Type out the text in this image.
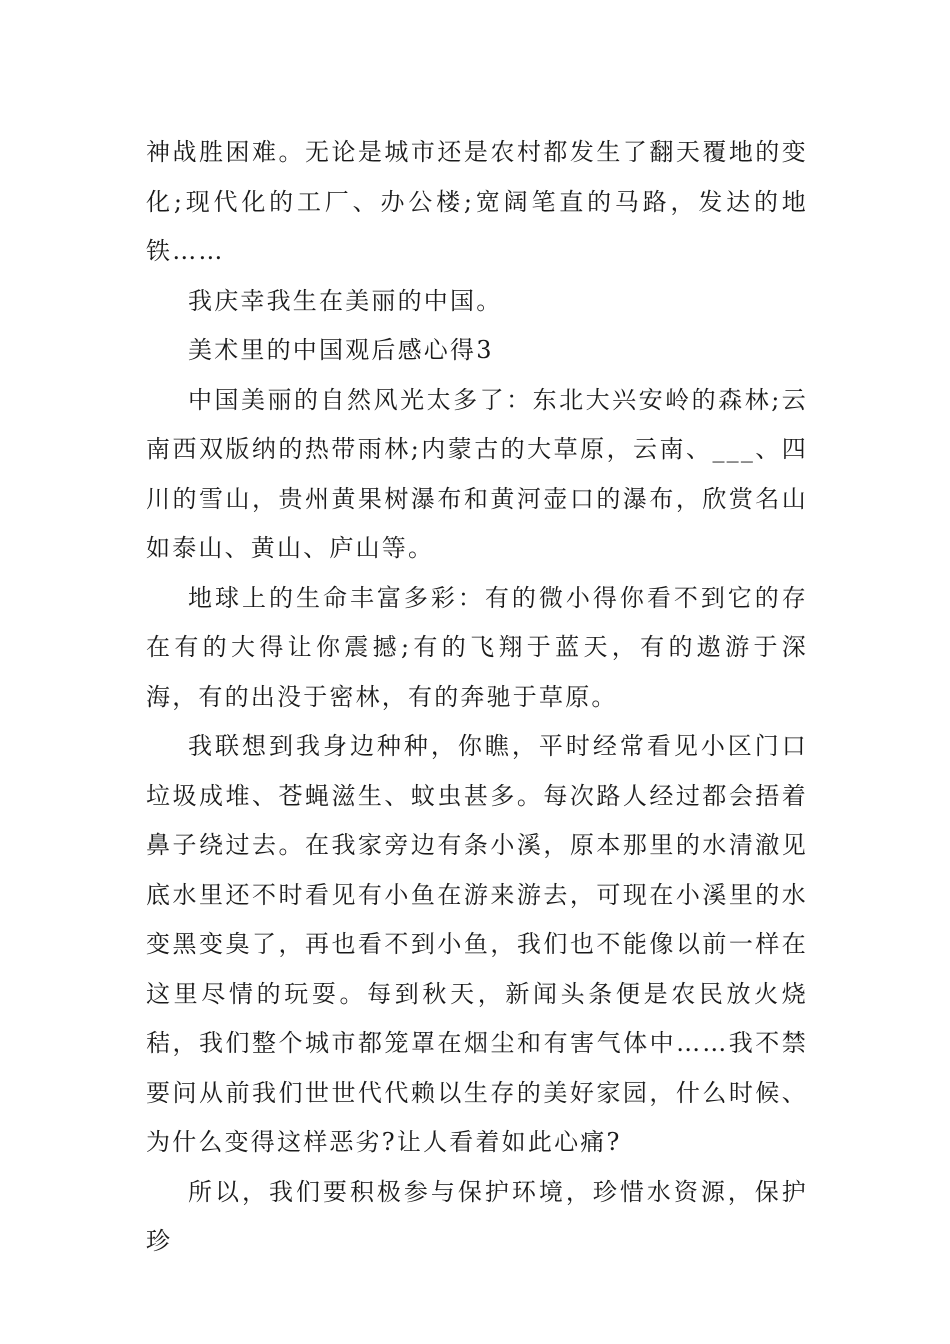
神战胜困难。无论是城市还是农村都发生了翻天覆地的变化;现代化的工厂、办公楼;宽阔笔直的马路，发达的地铁……

我庆幸我生在美丽的中国。

美术里的中国观后感心得3

中国美丽的自然风光太多了：东北大兴安岭的森林;云南西双版纳的热带雨林;内蒙古的大草原，云南、___、四川的雪山，贵州黄果树瀑布和黄河壶口的瀑布，欣赏名山如泰山、黄山、庐山等。

地球上的生命丰富多彩：有的微小得你看不到它的存在有的大得让你震撼;有的飞翔于蓝天，有的遨游于深海，有的出没于密林，有的奔驰于草原。

我联想到我身边种种，你瞧，平时经常看见小区门口垃圾成堆、苍蝇滋生、蚊虫甚多。每次路人经过都会捂着鼻子绕过去。在我家旁边有条小溪，原本那里的水清澈见底水里还不时看见有小鱼在游来游去，可现在小溪里的水变黑变臭了，再也看不到小鱼，我们也不能像以前一样在这里尽情的玩耍。每到秋天，新闻头条便是农民放火烧秸，我们整个城市都笼罩在烟尘和有害气体中……我不禁要问从前我们世世代代赖以生存的美好家园，什么时候、为什么变得这样恶劣?让人看着如此心痛?

所以，我们要积极参与保护环境，珍惜水资源，保护珍
